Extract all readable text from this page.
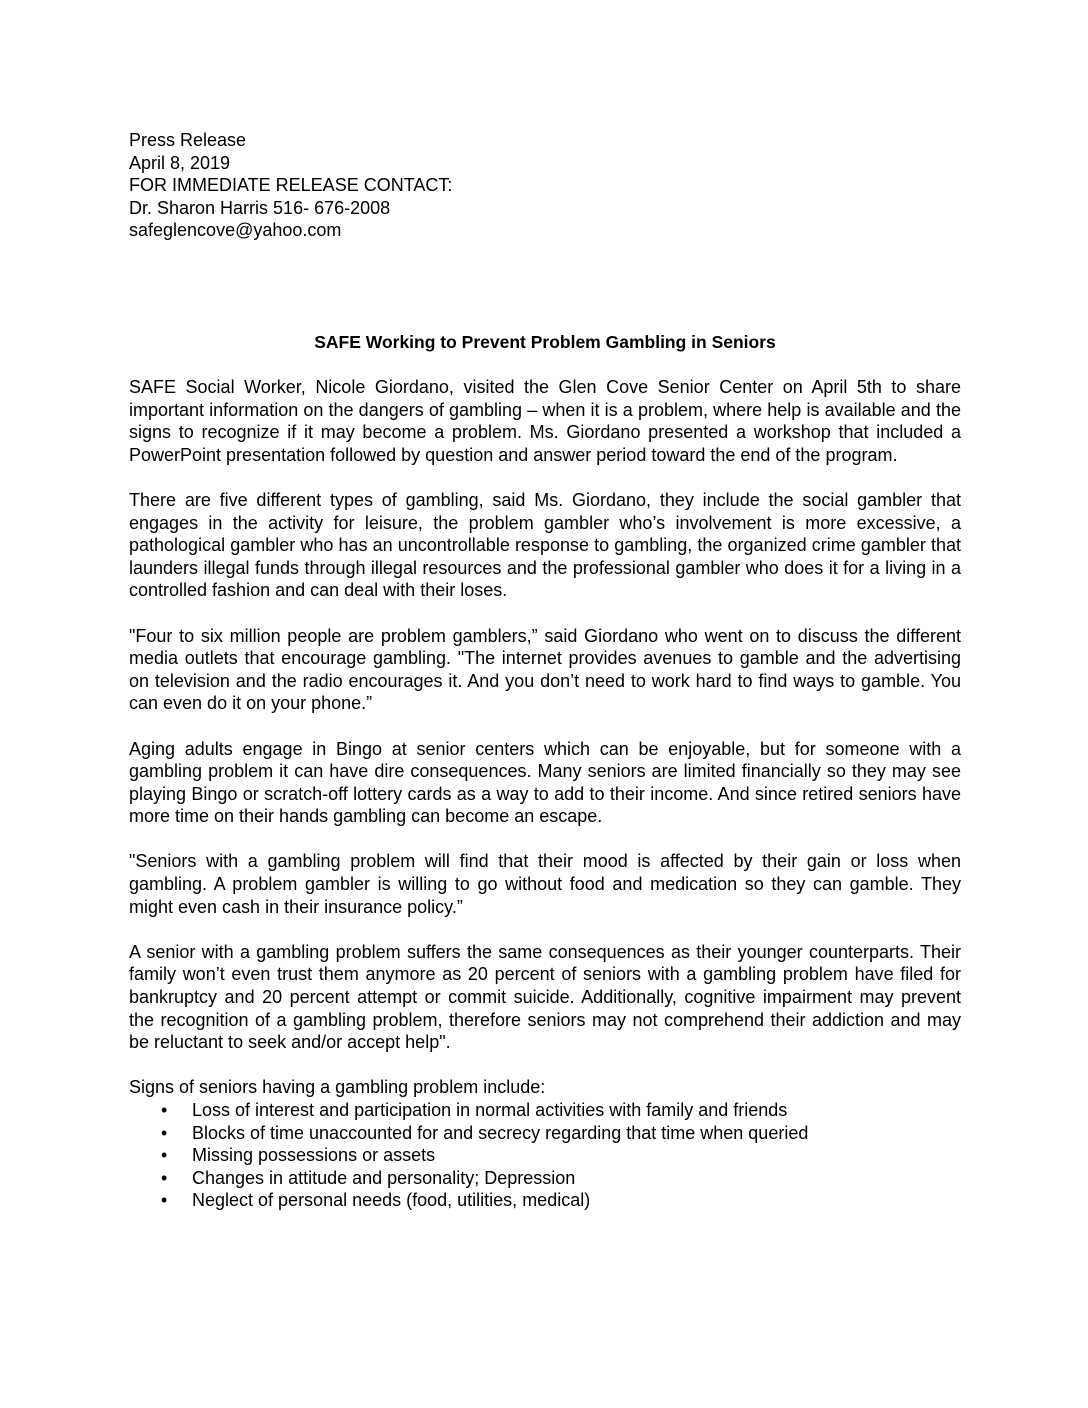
Press Release
April 8, 2019
FOR IMMEDIATE RELEASE CONTACT:
Dr. Sharon Harris 516- 676-2008
safeglencove@yahoo.com
SAFE Working to Prevent Problem Gambling in Seniors

SAFE Social Worker, Nicole Giordano, visited the Glen Cove Senior Center on April 5th to share important information on the dangers of gambling – when it is a problem, where help is available and the signs to recognize if it may become a problem. Ms. Giordano presented a workshop that included a PowerPoint presentation followed by question and answer period toward the end of the program.

There are five different types of gambling, said Ms. Giordano, they include the social gambler that engages in the activity for leisure, the problem gambler who’s involvement is more excessive, a pathological gambler who has an uncontrollable response to gambling, the organized crime gambler that launders illegal funds through illegal resources and the professional gambler who does it for a living in a controlled fashion and can deal with their loses.

"Four to six million people are problem gamblers,” said Giordano who went on to discuss the different media outlets that encourage gambling. "The internet provides avenues to gamble and the advertising on television and the radio encourages it. And you don’t need to work hard to find ways to gamble. You can even do it on your phone.”

Aging adults engage in Bingo at senior centers which can be enjoyable, but for someone with a gambling problem it can have dire consequences. Many seniors are limited financially so they may see playing Bingo or scratch-off lottery cards as a way to add to their income. And since retired seniors have more time on their hands gambling can become an escape.

"Seniors with a gambling problem will find that their mood is affected by their gain or loss when gambling. A problem gambler is willing to go without food and medication so they can gamble. They might even cash in their insurance policy.”

A senior with a gambling problem suffers the same consequences as their younger counterparts. Their family won’t even trust them anymore as 20 percent of seniors with a gambling problem have filed for bankruptcy and 20 percent attempt or commit suicide. Additionally, cognitive impairment may prevent the recognition of a gambling problem, therefore seniors may not comprehend their addiction and may be reluctant to seek and/or accept help".

Signs of seniors having a gambling problem include:
• Loss of interest and participation in normal activities with family and friends
• Blocks of time unaccounted for and secrecy regarding that time when queried
• Missing possessions or assets
• Changes in attitude and personality; Depression
• Neglect of personal needs (food, utilities, medical)
